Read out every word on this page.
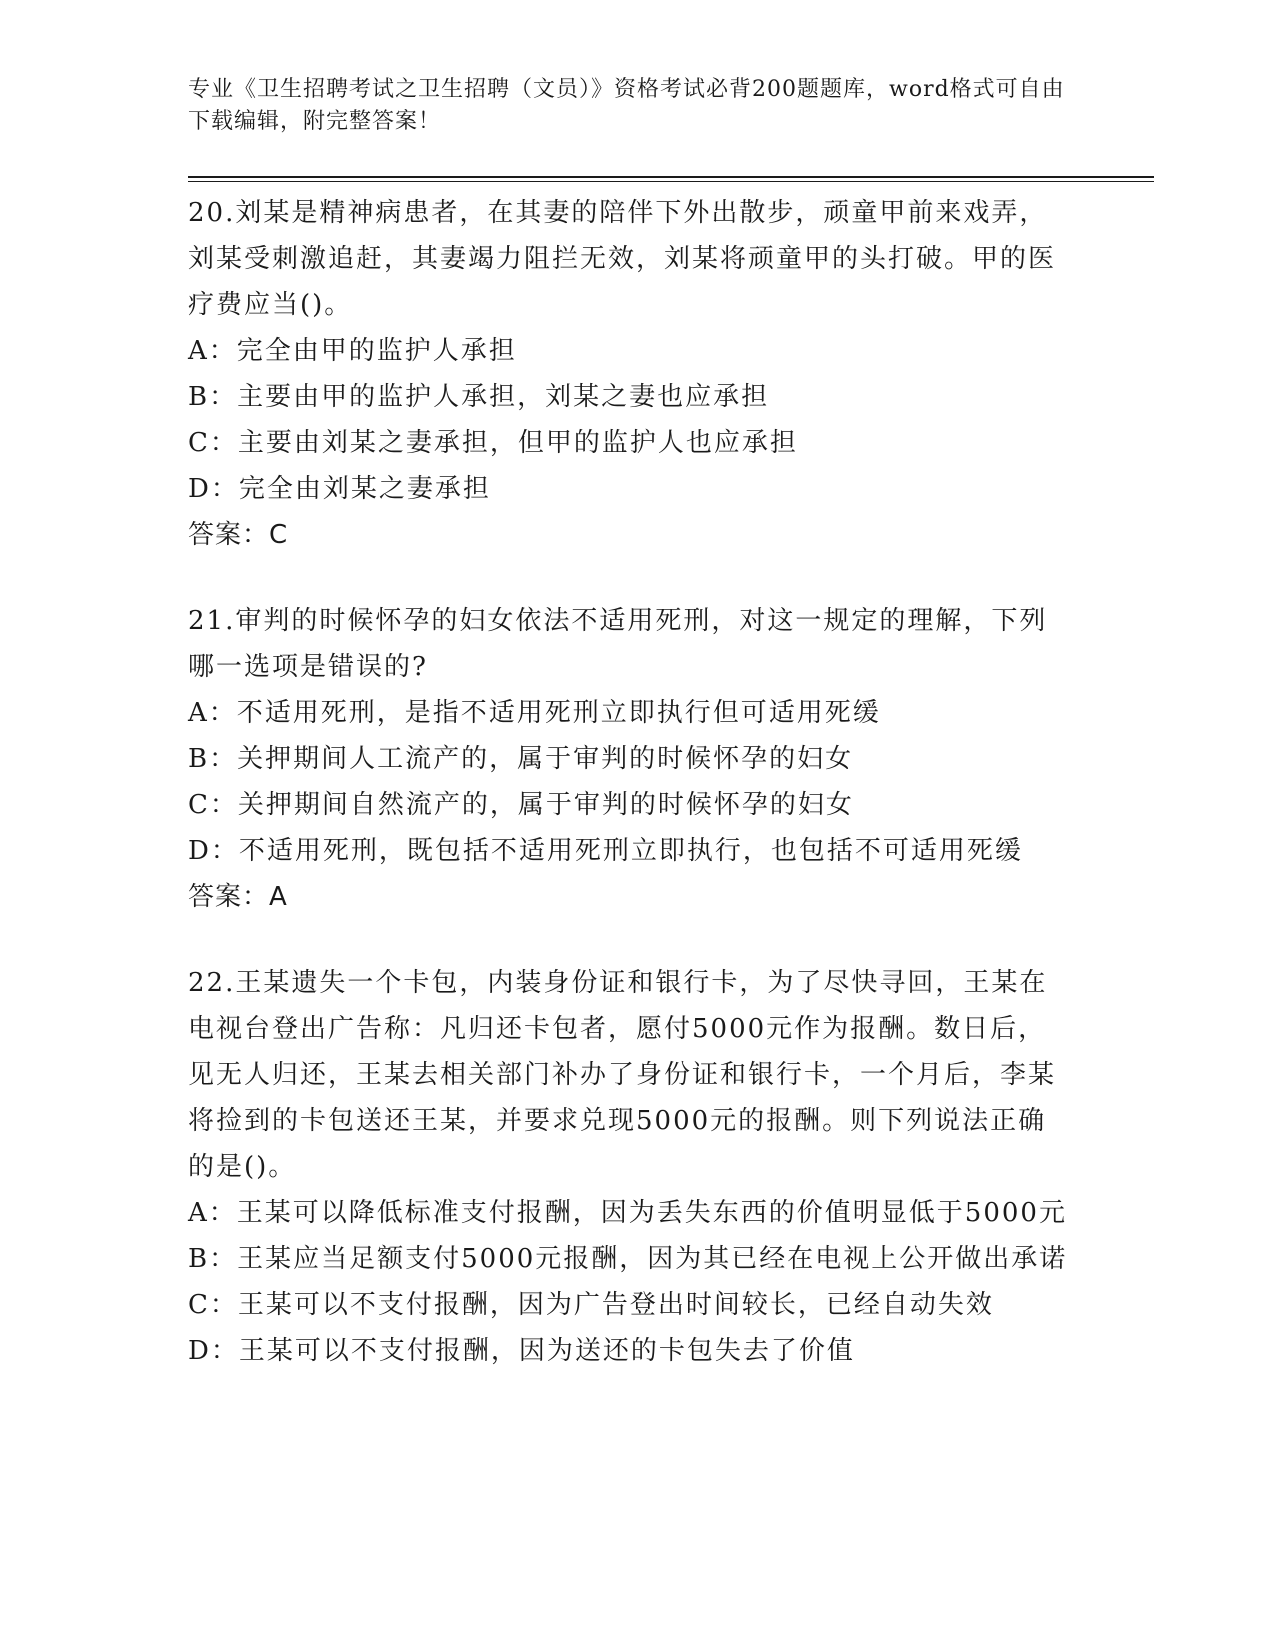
专业《卫生招聘考试之卫生招聘（文员）》资格考试必背200题题库，word格式可自由下载编辑，附完整答案！

20.刘某是精神病患者，在其妻的陪伴下外出散步，顽童甲前来戏弄，刘某受刺激追赶，其妻竭力阻拦无效，刘某将顽童甲的头打破。甲的医疗费应当()。

A：完全由甲的监护人承担

B：主要由甲的监护人承担，刘某之妻也应承担

C：主要由刘某之妻承担，但甲的监护人也应承担

D：完全由刘某之妻承担

答案：C

21.审判的时候怀孕的妇女依法不适用死刑，对这一规定的理解，下列哪一选项是错误的?

A：不适用死刑，是指不适用死刑立即执行但可适用死缓

B：关押期间人工流产的，属于审判的时候怀孕的妇女

C：关押期间自然流产的，属于审判的时候怀孕的妇女

D：不适用死刑，既包括不适用死刑立即执行，也包括不可适用死缓

答案：A

22.王某遗失一个卡包，内装身份证和银行卡，为了尽快寻回，王某在电视台登出广告称：凡归还卡包者，愿付5000元作为报酬。数日后，见无人归还，王某去相关部门补办了身份证和银行卡，一个月后，李某将捡到的卡包送还王某，并要求兑现5000元的报酬。则下列说法正确的是()。

A：王某可以降低标准支付报酬，因为丢失东西的价值明显低于5000元

B：王某应当足额支付5000元报酬，因为其已经在电视上公开做出承诺

C：王某可以不支付报酬，因为广告登出时间较长，已经自动失效

D：王某可以不支付报酬，因为送还的卡包失去了价值
